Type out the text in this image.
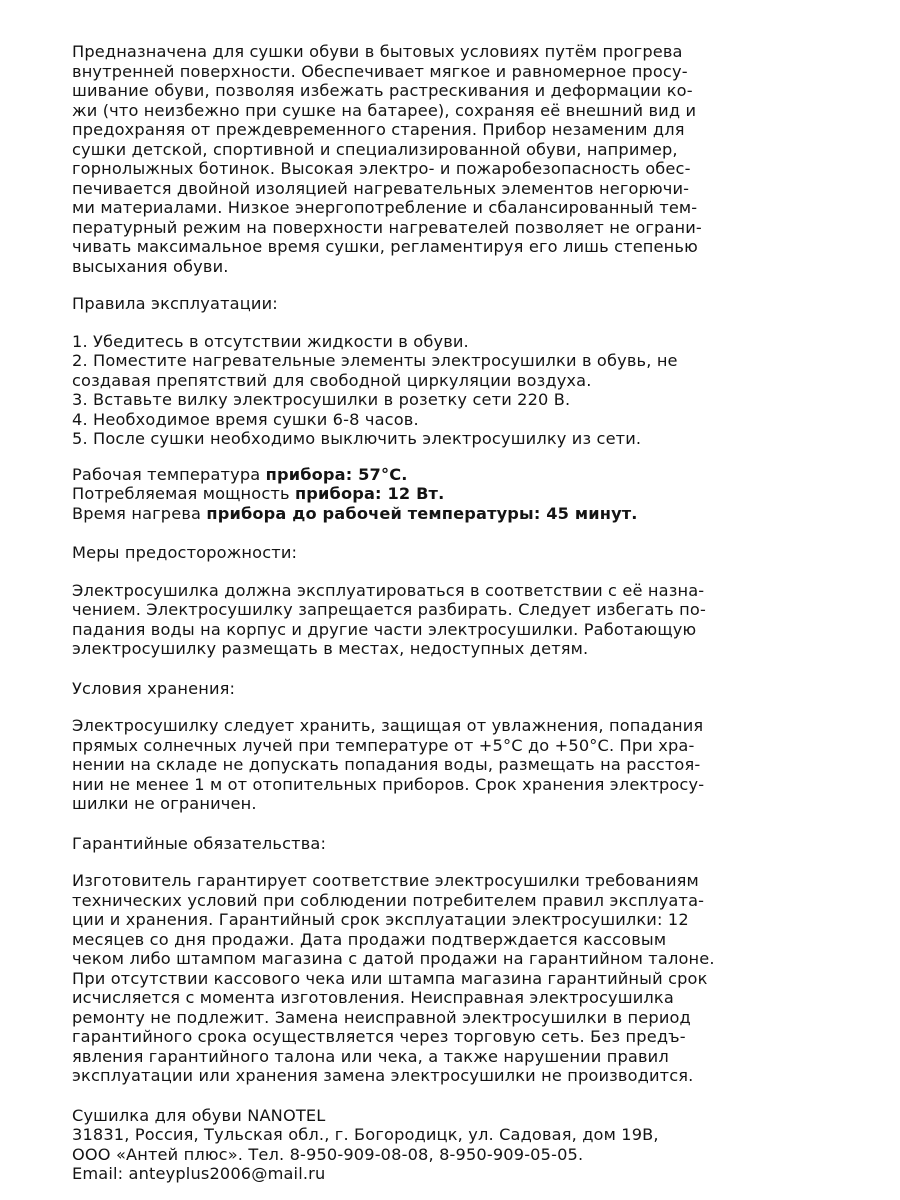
Предназначена для сушки обуви в бытовых условиях путём прогрева
внутренней поверхности. Обеспечивает мягкое и равномерное просу-
шивание обуви, позволяя избежать растрескивания и деформации ко-
жи (что неизбежно при сушке на батарее), сохраняя её внешний вид и
предохраняя от преждевременного старения. Прибор незаменим для
сушки детской, спортивной и специализированной обуви, например,
горнолыжных ботинок. Высокая электро- и пожаробезопасность обес-
печивается двойной изоляцией нагревательных элементов негорючи-
ми материалами. Низкое энергопотребление и сбалансированный тем-
пературный режим на поверхности нагревателей позволяет не ограни-
чивать максимальное время сушки, регламентируя его лишь степенью
высыхания обуви.
Правила эксплуатации:
1. Убедитесь в отсутствии жидкости в обуви.
2. Поместите нагревательные элементы электросушилки в обувь, не
создавая препятствий для свободной циркуляции воздуха.
3. Вставьте вилку электросушилки в розетку сети 220 В.
4. Необходимое время сушки 6-8 часов.
5. После сушки необходимо выключить электросушилку из сети.
Рабочая температура прибора: 57°С.
Потребляемая мощность прибора: 12 Вт.
Время нагрева прибора до рабочей температуры: 45 минут.
Меры предосторожности:
Электросушилка должна эксплуатироваться в соответствии с её назна-
чением. Электросушилку запрещается разбирать. Следует избегать по-
падания воды на корпус и другие части электросушилки. Работающую
электросушилку размещать в местах, недоступных детям.
Условия хранения:
Электросушилку следует хранить, защищая от увлажнения, попадания
прямых солнечных лучей при температуре от +5°С до +50°С. При хра-
нении на складе не допускать попадания воды, размещать на расстоя-
нии не менее 1 м от отопительных приборов. Срок хранения электросу-
шилки не ограничен.
Гарантийные обязательства:
Изготовитель гарантирует соответствие электросушилки требованиям
технических условий при соблюдении потребителем правил эксплуата-
ции и хранения. Гарантийный срок эксплуатации электросушилки: 12
месяцев со дня продажи. Дата продажи подтверждается кассовым
чеком либо штампом магазина с датой продажи на гарантийном талоне.
При отсутствии кассового чека или штампа магазина гарантийный срок
исчисляется с момента изготовления. Неисправная электросушилка
ремонту не подлежит. Замена неисправной электросушилки в период
гарантийного срока осуществляется через торговую сеть. Без предъ-
явления гарантийного талона или чека, а также нарушении правил
эксплуатации или хранения замена электросушилки не производится.
Сушилка для обуви NANOTEL
31831, Россия, Тульская обл., г. Богородицк, ул. Садовая, дом 19В,
ООО «Антей плюс». Тел. 8-950-909-08-08, 8-950-909-05-05.
Email: anteyplus2006@mail.ru
